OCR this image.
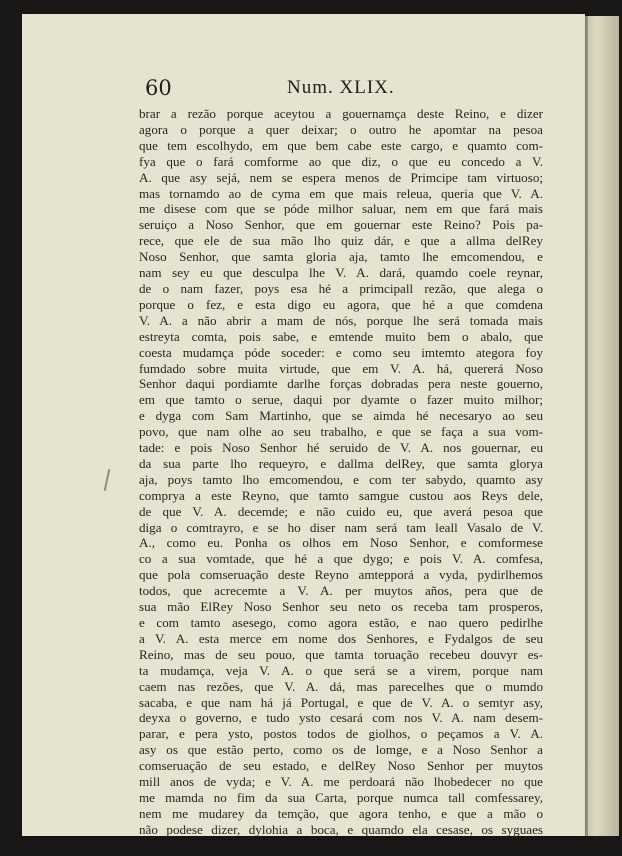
60	Num. XLIX.
brar a rezão porque aceytou a gouernamça deste Reino, e dizer
agora o porque a quer deixar; o outro he apomtar na pesoa
que tem escolhydo, em que bem cabe este cargo, e quamto com-
fya que o fará comforme ao que diz, o que eu concedo a V.
A. que asy sejá, nem se espera menos de Primcipe tam virtuoso;
mas tornamdo ao de cyma em que mais releua, queria que V. A.
me disese com que se póde milhor saluar, nem em que fará mais
seruiço a Noso Senhor, que em gouernar este Reino? Pois pa-
rece, que ele de sua mão lho quiz dár, e que a allma delRey
Noso Senhor, que samta gloria aja, tamto lhe emcomendou, e
nam sey eu que desculpa lhe V. A. dará, quamdo coele reynar,
de o nam fazer, poys esa hé a primcipall rezão, que alega o
porque o fez, e esta digo eu agora, que hé a que comdena
V. A. a não abrir a mam de nós, porque lhe será tomada mais
estreyta comta, pois sabe, e emtende muito bem o abalo, que
coesta mudamça póde soceder: e como seu imtemto ategora foy
fumdado sobre muita virtude, que em V. A. há, quererá Noso
Senhor daqui pordiamte darlhe forças dobradas pera neste gouerno,
em que tamto o serue, daqui por dyamte o fazer muito milhor;
e dyga com Sam Martinho, que se aimda hé necesaryo ao seu
povo, que nam olhe ao seu trabalho, e que se faça a sua vom-
tade: e pois Noso Senhor hé seruido de V. A. nos gouernar, eu
da sua parte lho requeyro, e dallma delRey, que samta glorya
aja, poys tamto lho emcomendou, e com ter sabydo, quamto asy
comprya a este Reyno, que tamto samgue custou aos Reys dele,
de que V. A. decemde; e não cuido eu, que averá pesoa que
diga o comtrayro, e se ho diser nam será tam leall Vasalo de V.
A., como eu. Ponha os olhos em Noso Senhor, e comformese
co a sua vomtade, que hé a que dygo; e pois V. A. comfesa,
que pola comseruação deste Reyno amtepporá a vyda, pydirlhemos
todos, que acrecemte a V. A. per muytos años, pera que de
sua mão ElRey Noso Senhor seu neto os receba tam prosperos,
e com tamto asesego, como agora estão, e nao quero pedirlhe
a V. A. esta merce em nome dos Senhores, e Fydalgos de seu
Reino, mas de seu pouo, que tamta toruação recebeu douvyr es-
ta mudamça, veja V. A. o que será se a virem, porque nam
caem nas rezões, que V. A. dá, mas parecelhes que o mumdo
sacaba, e que nam há já Portugal, e que de V. A. o semtyr asy,
deyxa o governo, e tudo ysto cesará com nos V. A. nam desem-
parar, e pera ysto, postos todos de giolhos, o peçamos a V. A.
asy os que estão perto, como os de lomge, e a Noso Senhor a
comseruação de seu estado, e delRey Noso Senhor per muytos
mill anos de vyda; e V. A. me perdoará não lhobedecer no que
me mamda no fim da sua Carta, porque numca tall comfessarey,
nem me mudarey da temção, que agora tenho, e que a mão o
não podese dizer, dylohia a boca, e quamdo ela cesase, os syguaes
